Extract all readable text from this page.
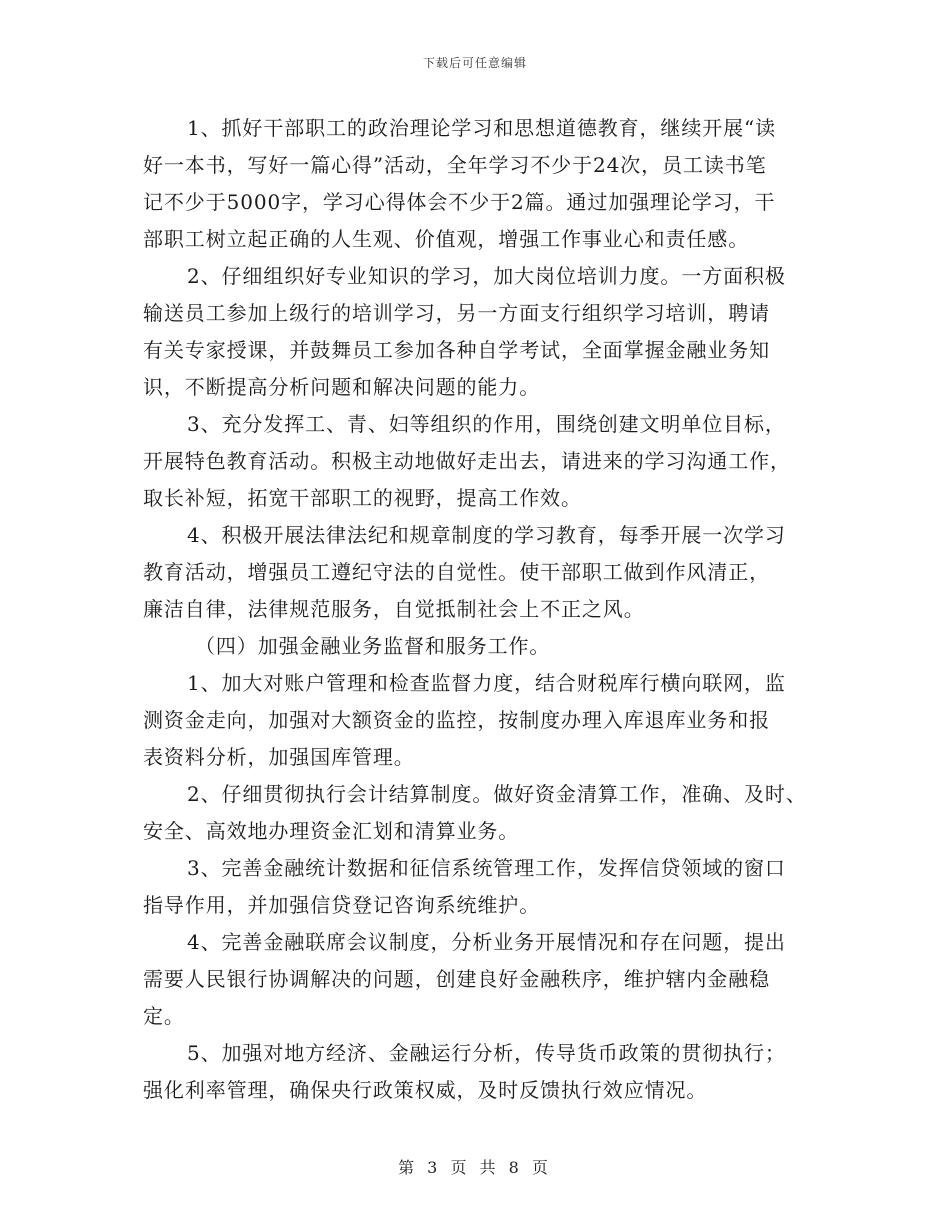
下载后可任意编辑
1、抓好干部职工的政治理论学习和思想道德教育，继续开展“读
好一本书，写好一篇心得”活动，全年学习不少于24次，员工读书笔
记不少于5000字，学习心得体会不少于2篇。通过加强理论学习，干
部职工树立起正确的人生观、价值观，增强工作事业心和责任感。
2、仔细组织好专业知识的学习，加大岗位培训力度。一方面积极
输送员工参加上级行的培训学习，另一方面支行组织学习培训，聘请
有关专家授课，并鼓舞员工参加各种自学考试，全面掌握金融业务知
识，不断提高分析问题和解决问题的能力。
3、充分发挥工、青、妇等组织的作用，围绕创建文明单位目标，
开展特色教育活动。积极主动地做好走出去，请进来的学习沟通工作，
取长补短，拓宽干部职工的视野，提高工作效。
4、积极开展法律法纪和规章制度的学习教育，每季开展一次学习
教育活动，增强员工遵纪守法的自觉性。使干部职工做到作风清正，
廉洁自律，法律规范服务，自觉抵制社会上不正之风。
（四）加强金融业务监督和服务工作。
1、加大对账户管理和检查监督力度，结合财税库行横向联网，监
测资金走向，加强对大额资金的监控，按制度办理入库退库业务和报
表资料分析，加强国库管理。
2、仔细贯彻执行会计结算制度。做好资金清算工作，准确、及时、
安全、高效地办理资金汇划和清算业务。
3、完善金融统计数据和征信系统管理工作，发挥信贷领域的窗口
指导作用，并加强信贷登记咨询系统维护。
4、完善金融联席会议制度，分析业务开展情况和存在问题，提出
需要人民银行协调解决的问题，创建良好金融秩序，维护辖内金融稳
定。
5、加强对地方经济、金融运行分析，传导货币政策的贯彻执行；
强化利率管理，确保央行政策权威，及时反馈执行效应情况。
第 3 页 共 8 页
